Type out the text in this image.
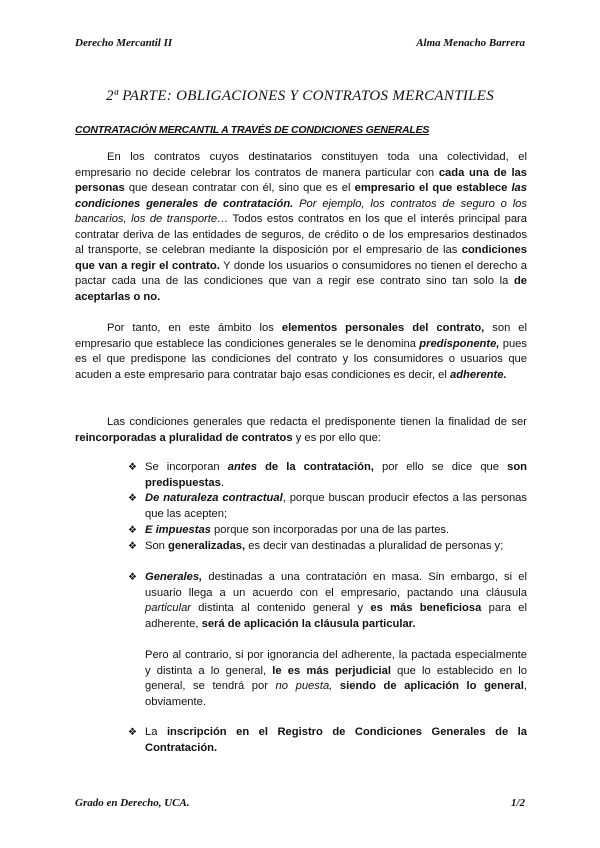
Derecho Mercantil II	Alma Menacho Barrera
2ª PARTE: OBLIGACIONES Y CONTRATOS MERCANTILES
CONTRATACIÓN MERCANTIL A TRAVÉS DE CONDICIONES GENERALES

En los contratos cuyos destinatarios constituyen toda una colectividad, el empresario no decide celebrar los contratos de manera particular con cada una de las personas que desean contratar con él, sino que es el empresario el que establece las condiciones generales de contratación. Por ejemplo, los contratos de seguro o los bancarios, los de transporte… Todos estos contratos en los que el interés principal para contratar deriva de las entidades de seguros, de crédito o de los empresarios destinados al transporte, se celebran mediante la disposición por el empresario de las condiciones que van a regir el contrato. Y donde los usuarios o consumidores no tienen el derecho a pactar cada una de las condiciones que van a regir ese contrato sino tan solo la de aceptarlas o no.

Por tanto, en este ámbito los elementos personales del contrato, son el empresario que establece las condiciones generales se le denomina predisponente, pues es el que predispone las condiciones del contrato y los consumidores o usuarios que acuden a este empresario para contratar bajo esas condiciones es decir, el adherente.

Las condiciones generales que redacta el predisponente tienen la finalidad de ser reincorporadas a pluralidad de contratos y es por ello que:

❖ Se incorporan antes de la contratación, por ello se dice que son predispuestas.
❖ De naturaleza contractual, porque buscan producir efectos a las personas que las acepten;
❖ E impuestas porque son incorporadas por una de las partes.
❖ Son generalizadas, es decir van destinadas a pluralidad de personas y;
❖ Generales, destinadas a una contratación en masa. Sin embargo, si el usuario llega a un acuerdo con el empresario, pactando una cláusula particular distinta al contenido general y es más beneficiosa para el adherente, será de aplicación la cláusula particular.
Pero al contrario, si por ignorancia del adherente, la pactada especialmente y distinta a lo general, le es más perjudicial que lo establecido en lo general, se tendrá por no puesta, siendo de aplicación lo general, obviamente.
❖ La inscripción en el Registro de Condiciones Generales de la Contratación.
Grado en Derecho, UCA.	1/2
